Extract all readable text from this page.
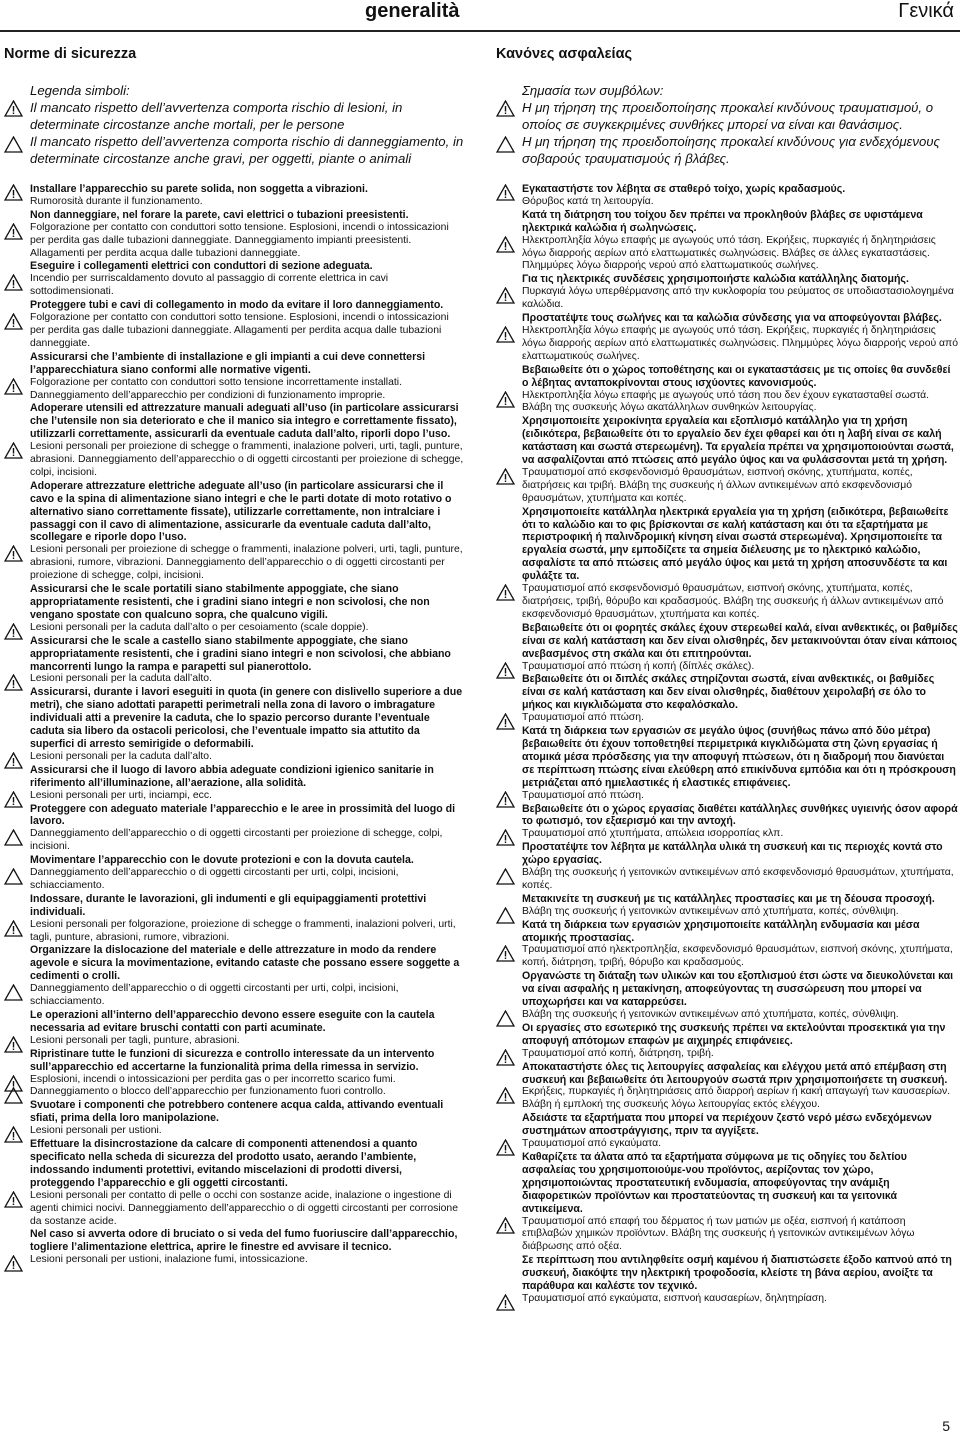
generalità	Γενικά
Norme di sicurezza
Legenda simboli:
Il mancato rispetto dell’avvertenza comporta rischio di lesioni, in determinate circostanze anche mortali, per le persone
Il mancato rispetto dell’avvertenza comporta rischio di danneggiamento, in determinate circostanze anche gravi, per oggetti, piante o animali
Installare l’apparecchio su parete solida, non soggetta a vibrazioni.
Rumorosità durante il funzionamento.
Non danneggiare, nel forare la parete, cavi elettrici o tubazioni preesistenti.
Folgorazione per contatto con conduttori sotto tensione. Esplosioni, incendi o intossicazioni per perdita gas dalle tubazioni danneggiate. Danneggiamento impianti preesistenti. Allagamenti per perdita acqua dalle tubazioni danneggiate.
Eseguire i collegamenti elettrici con conduttori di sezione adeguata.
Incendio per surriscaldamento dovuto al passaggio di corrente elettrica in cavi sottodimensionati.
Proteggere tubi e cavi di collegamento in modo da evitare il loro danneggiamento.
Folgorazione per contatto con conduttori sotto tensione. Esplosioni, incendi o intossicazioni per perdita gas dalle tubazioni danneggiate. Allagamenti per perdita acqua dalle tubazioni danneggiate.
Assicurarsi che l’ambiente di installazione e gli impianti a cui deve connettersi l’apparecchiatura siano conformi alle normative vigenti.
Folgorazione per contatto con conduttori sotto tensione incorrettamente installati. Danneggiamento dell’apparecchio per condizioni di funzionamento improprie.
Adoperare utensili ed attrezzature manuali adeguati all’uso (in particolare assicurarsi che l’utensile non sia deteriorato e che il manico sia integro e correttamente fissato), utilizzarli correttamente, assicurarli da eventuale caduta dall’alto, riporli dopo l’uso.
Lesioni personali per proiezione di schegge o frammenti, inalazione polveri, urti, tagli, punture, abrasioni. Danneggiamento dell’apparecchio o di oggetti circostanti per proiezione di schegge, colpi, incisioni.
Adoperare attrezzature elettriche adeguate all’uso (in particolare assicurarsi che il cavo e la spina di alimentazione siano integri e che le parti dotate di moto rotativo o alternativo siano correttamente fissate), utilizzarle correttamente, non intralciare i passaggi con il cavo di alimentazione, assicurarle da eventuale caduta dall’alto, scollegare e riporle dopo l’uso.
Lesioni personali per proiezione di schegge o frammenti, inalazione polveri, urti, tagli, punture, abrasioni, rumore, vibrazioni. Danneggiamento dell’apparecchio o di oggetti circostanti per proiezione di schegge, colpi, incisioni.
Assicurarsi che le scale portatili siano stabilmente appoggiate, che siano appropriatamente resistenti, che i gradini siano integri e non scivolosi, che non vengano spostate con qualcuno sopra, che qualcuno vigili.
Lesioni personali per la caduta dall’alto o per cesoiamento (scale doppie).
Assicurarsi che le scale a castello siano stabilmente appoggiate, che siano appropriatamente resistenti, che i gradini siano integri e non scivolosi, che abbiano mancorrenti lungo la rampa e parapetti sul pianerottolo.
Lesioni personali per la caduta dall’alto.
Assicurarsi, durante i lavori eseguiti in quota (in genere con dislivello superiore a due metri), che siano adottati parapetti perimetrali nella zona di lavoro o imbragature individuali atti a prevenire la caduta, che lo spazio percorso durante l’eventuale caduta sia libero da ostacoli pericolosi, che l’eventuale impatto sia attutito da superfici di arresto semirigide o deformabili.
Lesioni personali per la caduta dall’alto.
Assicurarsi che il luogo di lavoro abbia adeguate condizioni igienico sanitarie in riferimento all’illuminazione, all’aerazione, alla solidità.
Lesioni personali per urti, inciampi, ecc.
Proteggere con adeguato materiale l’apparecchio e le aree in prossimità del luogo di lavoro.
Danneggiamento dell’apparecchio o di oggetti circostanti per proiezione di schegge, colpi, incisioni.
Movimentare l’apparecchio con le dovute protezioni e con la dovuta cautela.
Danneggiamento dell’apparecchio o di oggetti circostanti per urti, colpi, incisioni, schiacciamento.
Indossare, durante le lavorazioni, gli indumenti e gli equipaggiamenti protettivi individuali.
Lesioni personali per folgorazione, proiezione di schegge o frammenti, inalazioni polveri, urti, tagli, punture, abrasioni, rumore, vibrazioni.
Organizzare la dislocazione del materiale e delle attrezzature in modo da rendere agevole e sicura la movimentazione, evitando cataste che possano essere soggette a cedimenti o crolli.
Danneggiamento dell’apparecchio o di oggetti circostanti per urti, colpi, incisioni, schiacciamento.
Le operazioni all’interno dell’apparecchio devono essere eseguite con la cautela necessaria ad evitare bruschi contatti con parti acuminate.
Lesioni personali per tagli, punture, abrasioni.
Ripristinare tutte le funzioni di sicurezza e controllo interessate da un intervento sull’apparecchio ed accertarne la funzionalità prima della rimessa in servizio.
Esplosioni, incendi o intossicazioni per perdita gas o per incorretto scarico fumi.
Danneggiamento o blocco dell’apparecchio per funzionamento fuori controllo.
Svuotare i componenti che potrebbero contenere acqua calda, attivando eventuali sfiati, prima della loro manipolazione.
Lesioni personali per ustioni.
Effettuare la disincrostazione da calcare di componenti attenendosi a quanto specificato nella scheda di sicurezza del prodotto usato, aerando l’ambiente, indossando indumenti protettivi, evitando miscelazioni di prodotti diversi, proteggendo l’apparecchio e gli oggetti circostanti.
Lesioni personali per contatto di pelle o occhi con sostanze acide, inalazione o ingestione di agenti chimici nocivi. Danneggiamento dell’apparecchio o di oggetti circostanti per corrosione da sostanze acide.
Nel caso si avverta odore di bruciato o si veda del fumo fuoriuscire dall’apparecchio, togliere l’alimentazione elettrica, aprire le finestre ed avvisare il tecnico.
Lesioni personali per ustioni, inalazione fumi, intossicazione.
Κανόνες ασφαλείας
Σημασία των συμβόλων:
Η μη τήρηση της προειδοποίησης προκαλεί κινδύνους τραυματισμού, ο οποίος σε συγκεκριμένες συνθήκες μπορεί να είναι και θανάσιμος.
Η μη τήρηση της προειδοποίησης προκαλεί κινδύνους για ενδεχόμενους σοβαρούς τραυματισμούς ή βλάβες.
Εγκαταστήστε τον λέβητα σε σταθερό τοίχο, χωρίς κραδασμούς.
Θόρυβος κατά τη λειτουργία.
Κατά τη διάτρηση του τοίχου δεν πρέπει να προκληθούν βλάβες σε υφιστάμενα ηλεκτρικά καλώδια ή σωληνώσεις.
Ηλεκτροπληξία λόγω επαφής με αγωγούς υπό τάση. Εκρήξεις, πυρκαγιές ή δηλητηριάσεις λόγω διαρροής αερίων από ελαττωματικές σωληνώσεις. Βλάβες σε άλλες εγκαταστάσεις. Πλημμύρες λόγω διαρροής νερού από ελαττωματικούς σωλήνες.
Για τις ηλεκτρικές συνδέσεις χρησιμοποιήστε καλώδια κατάλληλης διατομής.
Πυρκαγιά λόγω υπερθέρμανσης από την κυκλοφορία του ρεύματος σε υποδιαστασιολογημένα καλώδια.
Προστατέψτε τους σωλήνες και τα καλώδια σύνδεσης για να αποφεύγονται βλάβες.
Ηλεκτροπληξία λόγω επαφής με αγωγούς υπό τάση. Εκρήξεις, πυρκαγιές ή δηλητηριάσεις λόγω διαρροής αερίων από ελαττωματικές σωληνώσεις. Πλημμύρες λόγω διαρροής νερού από ελαττωματικούς σωλήνες.
Βεβαιωθείτε ότι ο χώρος τοποθέτησης και οι εγκαταστάσεις με τις οποίες θα συνδεθεί ο λέβητας ανταποκρίνονται στους ισχύοντες κανονισμούς.
Ηλεκτροπληξία λόγω επαφής με αγωγούς υπό τάση που δεν έχουν εγκατασταθεί σωστά. Βλάβη της συσκευής λόγω ακατάλληλων συνθηκών λειτουργίας.
Χρησιμοποιείτε χειροκίνητα εργαλεία και εξοπλισμό κατάλληλο για τη χρήση (ειδικότερα, βεβαιωθείτε ότι το εργαλείο δεν έχει φθαρεί και ότι η λαβή είναι σε καλή κατάσταση και σωστά στερεωμένη). Τα εργαλεία πρέπει να χρησιμοποιούνται σωστά, να ασφαλίζονται από πτώσεις από μεγάλο ύψος και να φυλάσσονται μετά τη χρήση.
Τραυματισμοί από εκσφενδονισμό θραυσμάτων, εισπνοή σκόνης, χτυπήματα, κοπές, διατρήσεις και τριβή. Βλάβη της συσκευής ή άλλων αντικειμένων από εκσφενδονισμό θραυσμάτων, χτυπήματα και κοπές.
Χρησιμοποιείτε κατάλληλα ηλεκτρικά εργαλεία για τη χρήση (ειδικότερα, βεβαιωθείτε ότι το καλώδιο και το φις βρίσκονται σε καλή κατάσταση και ότι τα εξαρτήματα με περιστροφική ή παλινδρομική κίνηση είναι σωστά στερεωμένα). Χρησιμοποιείτε τα εργαλεία σωστά, μην εμποδίζετε τα σημεία διέλευσης με το ηλεκτρικό καλώδιο, ασφαλίστε τα από πτώσεις από μεγάλο ύψος και μετά τη χρήση αποσυνδέστε τα και φυλάξτε τα.
Τραυματισμοί από εκσφενδονισμό θραυσμάτων, εισπνοή σκόνης, χτυπήματα, κοπές, διατρήσεις, τριβή, θόρυβο και κραδασμούς. Βλάβη της συσκευής ή άλλων αντικειμένων από εκσφενδονισμό θραυσμάτων, χτυπήματα και κοπές.
Βεβαιωθείτε ότι οι φορητές σκάλες έχουν στερεωθεί καλά, είναι ανθεκτικές, οι βαθμίδες είναι σε καλή κατάσταση και δεν είναι ολισθηρές, δεν μετακινούνται όταν είναι κάποιος ανεβασμένος στη σκάλα και ότι επιτηρούνται.
Τραυματισμοί από πτώση ή κοπή (δίπλές σκάλες).
Βεβαιωθείτε ότι οι διπλές σκάλες στηρίζονται σωστά, είναι ανθεκτικές, οι βαθμίδες είναι σε καλή κατάσταση και δεν είναι ολισθηρές, διαθέτουν χειρολαβή σε όλο το μήκος και κιγκλιδώματα στο κεφαλόσκαλο.
Τραυματισμοί από πτώση.
Κατά τη διάρκεια των εργασιών σε μεγάλο ύψος (συνήθως πάνω από δύο μέτρα) βεβαιωθείτε ότι έχουν τοποθετηθεί περιμετρικά κιγκλιδώματα στη ζώνη εργασίας ή ατομικά μέσα πρόσδεσης για την αποφυγή πτώσεων, ότι η διαδρομή που διανύεται σε περίπτωση πτώσης είναι ελεύθερη από επικίνδυνα εμπόδια και ότι η πρόσκρουση μετριάζεται από ημιελαστικές ή ελαστικές επιφάνειες.
Τραυματισμοί από πτώση.
Βεβαιωθείτε ότι ο χώρος εργασίας διαθέτει κατάλληλες συνθήκες υγιεινής όσον αφορά το φωτισμό, τον εξαερισμό και την αντοχή.
Τραυματισμοί από χτυπήματα, απώλεια ισορροπίας κλπ.
Προστατέψτε τον λέβητα με κατάλληλα υλικά τη συσκευή και τις περιοχές κοντά στο χώρο εργασίας.
Βλάβη της συσκευής ή γειτονικών αντικειμένων από εκσφενδονισμό θραυσμάτων, χτυπήματα, κοπές.
Μετακινείτε τη συσκευή με τις κατάλληλες προστασίες και με τη δέουσα προσοχή.
Βλάβη της συσκευής ή γειτονικών αντικειμένων από χτυπήματα, κοπές, σύνθλιψη.
Κατά τη διάρκεια των εργασιών χρησιμοποιείτε κατάλληλη ενδυμασία και μέσα ατομικής προστασίας.
Τραυματισμοί από ηλεκτροπληξία, εκσφενδονισμό θραυσμάτων, εισπνοή σκόνης, χτυπήματα, κοπή, διάτρηση, τριβή, θόρυβο και κραδασμούς.
Οργανώστε τη διάταξη των υλικών και του εξοπλισμού έτσι ώστε να διευκολύνεται και να είναι ασφαλής η μετακίνηση, αποφεύγοντας τη συσσώρευση που μπορεί να υποχωρήσει και να καταρρεύσει.
Βλάβη της συσκευής ή γειτονικών αντικειμένων από χτυπήματα, κοπές, σύνθλιψη.
Οι εργασίες στο εσωτερικό της συσκευής πρέπει να εκτελούνται προσεκτικά για την αποφυγή απότομων επαφών με αιχμηρές επιφάνειες.
Τραυματισμοί από κοπή, διάτρηση, τριβή.
Αποκαταστήστε όλες τις λειτουργίες ασφαλείας και ελέγχου μετά από επέμβαση στη συσκευή και βεβαιωθείτε ότι λειτουργούν σωστά πριν χρησιμοποιήσετε τη συσκευή.
Εκρήξεις, πυρκαγιές ή δηλητηριάσεις από διαρροή αερίων ή κακή απαγωγή των καυσαερίων. Βλάβη ή εμπλοκή της συσκευής λόγω λειτουργίας εκτός ελέγχου.
Αδειάστε τα εξαρτήματα που μπορεί να περιέχουν ζεστό νερό μέσω ενδεχόμενων συστημάτων αποστράγγισης, πριν τα αγγίξετε.
Τραυματισμοί από εγκαύματα.
Καθαρίζετε τα άλατα από τα εξαρτήματα σύμφωνα με τις οδηγίες του δελτίου ασφαλείας του χρησιμοποιούμε-νου προϊόντος, αερίζοντας τον χώρο, χρησιμοποιώντας προστατευτική ενδυμασία, αποφεύγοντας την ανάμιξη διαφορετικών προϊόντων και προστατεύοντας τη συσκευή και τα γειτονικά αντικείμενα.
Τραυματισμοί από επαφή του δέρματος ή των ματιών με οξέα, εισπνοή ή κατάποση επιβλαβών χημικών προϊόντων. Βλάβη της συσκευής ή γειτονικών αντικειμένων λόγω διάβρωσης από οξέα.
Σε περίπτωση που αντιληφθείτε οσμή καμένου ή διαπιστώσετε έξοδο καπνού από τη συσκευή, διακόψτε την ηλεκτρική τροφοδοσία, κλείστε τη βάνα αερίου, ανοίξτε τα παράθυρα και καλέστε τον τεχνικό.
Τραυματισμοί από εγκαύματα, εισπνοή καυσαερίων, δηλητηρίαση.
5
